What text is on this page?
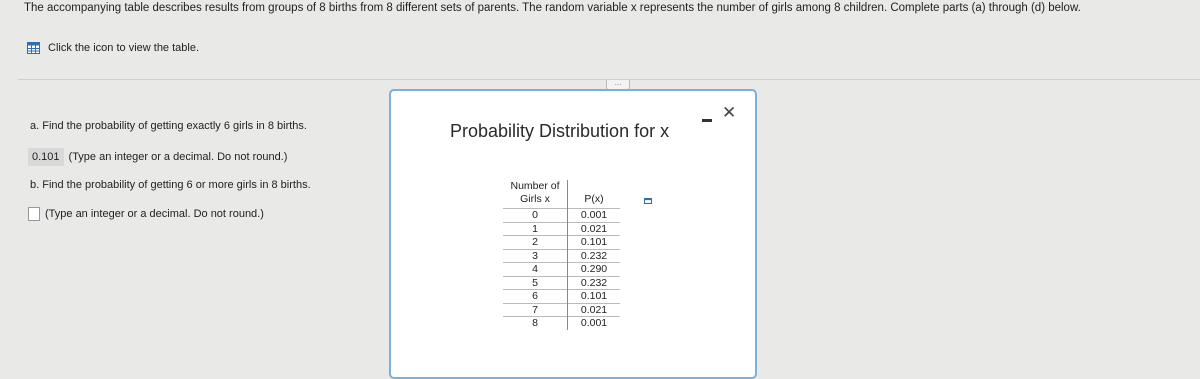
The accompanying table describes results from groups of 8 births from 8 different sets of parents. The random variable x represents the number of girls among 8 children. Complete parts (a) through (d) below.
Click the icon to view the table.
...
a. Find the probability of getting exactly 6 girls in 8 births.
0.101 (Type an integer or a decimal. Do not round.)
b. Find the probability of getting 6 or more girls in 8 births.
(Type an integer or a decimal. Do not round.)
Probability Distribution for x
✕
Number of
Girls x	P(x)
0	0.001
1	0.021
2	0.101
3	0.232
4	0.290
5	0.232
6	0.101
7	0.021
8	0.001
